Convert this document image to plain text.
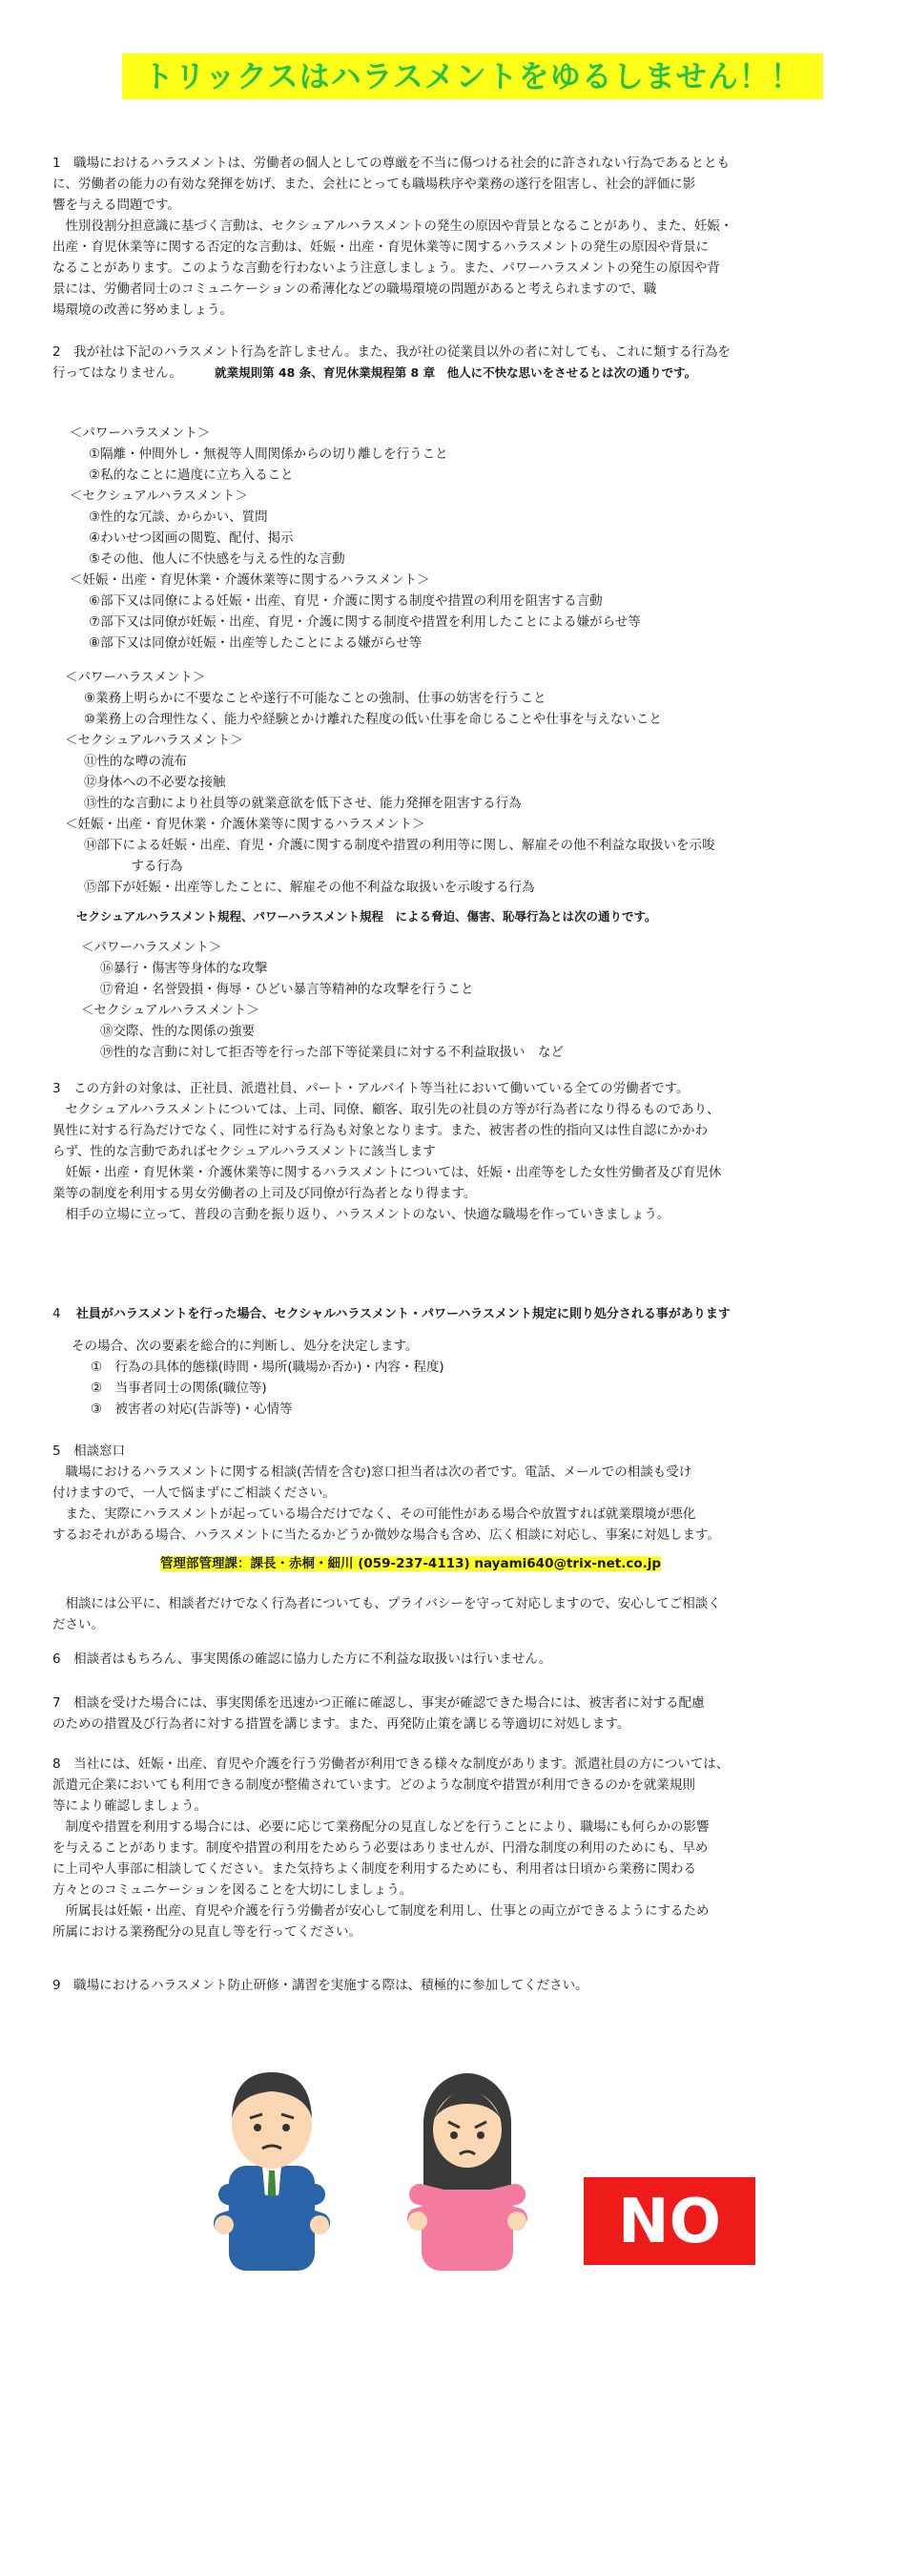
トリックスはハラスメントをゆるしません！！
1　職場におけるハラスメントは、労働者の個人としての尊厳を不当に傷つける社会的に許されない行為であるととも
に、労働者の能力の有効な発揮を妨げ、また、会社にとっても職場秩序や業務の遂行を阻害し、社会的評価に影
響を与える問題です。
　性別役割分担意識に基づく言動は、セクシュアルハラスメントの発生の原因や背景となることがあり、また、妊娠・
出産・育児休業等に関する否定的な言動は、妊娠・出産・育児休業等に関するハラスメントの発生の原因や背景に
なることがあります。このような言動を行わないよう注意しましょう。また、パワーハラスメントの発生の原因や背
景には、労働者同士のコミュニケーションの希薄化などの職場環境の問題があると考えられますので、職
場環境の改善に努めましょう。
2　我が社は下記のハラスメント行為を許しません。また、我が社の従業員以外の者に対しても、これに類する行為を
行ってはなりません。	就業規則第 48 条、育児休業規程第 8 章　他人に不快な思いをさせるとは次の通りです。
＜パワーハラスメント＞
①隔離・仲間外し・無視等人間関係からの切り離しを行うこと
②私的なことに過度に立ち入ること
＜セクシュアルハラスメント＞
③性的な冗談、からかい、質問
④わいせつ図画の閲覧、配付、掲示
⑤その他、他人に不快感を与える性的な言動
＜妊娠・出産・育児休業・介護休業等に関するハラスメント＞
⑥部下又は同僚による妊娠・出産、育児・介護に関する制度や措置の利用を阻害する言動
⑦部下又は同僚が妊娠・出産、育児・介護に関する制度や措置を利用したことによる嫌がらせ等
⑧部下又は同僚が妊娠・出産等したことによる嫌がらせ等
＜パワーハラスメント＞
⑨業務上明らかに不要なことや遂行不可能なことの強制、仕事の妨害を行うこと
⑩業務上の合理性なく、能力や経験とかけ離れた程度の低い仕事を命じることや仕事を与えないこと
＜セクシュアルハラスメント＞
⑪性的な噂の流布
⑫身体への不必要な接触
⑬性的な言動により社員等の就業意欲を低下させ、能力発揮を阻害する行為
＜妊娠・出産・育児休業・介護休業等に関するハラスメント＞
⑭部下による妊娠・出産、育児・介護に関する制度や措置の利用等に関し、解雇その他不利益な取扱いを示唆
　する行為
⑮部下が妊娠・出産等したことに、解雇その他不利益な取扱いを示唆する行為
セクシュアルハラスメント規程、パワーハラスメント規程　による脅迫、傷害、恥辱行為とは次の通りです。
＜パワーハラスメント＞
⑯暴行・傷害等身体的な攻撃
⑰脅迫・名誉毀損・侮辱・ひどい暴言等精神的な攻撃を行うこと
＜セクシュアルハラスメント＞
⑱交際、性的な関係の強要
⑲性的な言動に対して拒否等を行った部下等従業員に対する不利益取扱い　など
3　この方針の対象は、正社員、派遣社員、パート・アルバイト等当社において働いている全ての労働者です。
　セクシュアルハラスメントについては、上司、同僚、顧客、取引先の社員の方等が行為者になり得るものであり、
異性に対する行為だけでなく、同性に対する行為も対象となります。また、被害者の性的指向又は性自認にかかわ
らず、性的な言動であればセクシュアルハラスメントに該当します
　妊娠・出産・育児休業・介護休業等に関するハラスメントについては、妊娠・出産等をした女性労働者及び育児休
業等の制度を利用する男女労働者の上司及び同僚が行為者となり得ます。
　相手の立場に立って、普段の言動を振り返り、ハラスメントのない、快適な職場を作っていきましょう。
4 社員がハラスメントを行った場合、セクシャルハラスメント・パワーハラスメント規定に則り処分される事があります
その場合、次の要素を総合的に判断し、処分を決定します。
①　行為の具体的態様(時間・場所(職場か否か)・内容・程度)
②　当事者同士の関係(職位等)
③　被害者の対応(告訴等)・心情等
5　相談窓口
　職場におけるハラスメントに関する相談(苦情を含む)窓口担当者は次の者です。電話、メールでの相談も受け
付けますので、一人で悩まずにご相談ください。
　また、実際にハラスメントが起っている場合だけでなく、その可能性がある場合や放置すれば就業環境が悪化
するおそれがある場合、ハラスメントに当たるかどうか微妙な場合も含め、広く相談に対応し、事案に対処します。
管理部管理課：課長・赤桐・細川 (059-237-4113) nayami640@trix-net.co.jp
　相談には公平に、相談者だけでなく行為者についても、プライバシーを守って対応しますので、安心してご相談く
ださい。
6　相談者はもちろん、事実関係の確認に協力した方に不利益な取扱いは行いません。
7　相談を受けた場合には、事実関係を迅速かつ正確に確認し、事実が確認できた場合には、被害者に対する配慮
のための措置及び行為者に対する措置を講じます。また、再発防止策を講じる等適切に対処します。
8　当社には、妊娠・出産、育児や介護を行う労働者が利用できる様々な制度があります。派遣社員の方については、
派遣元企業においても利用できる制度が整備されています。どのような制度や措置が利用できるのかを就業規則
等により確認しましょう。
　制度や措置を利用する場合には、必要に応じて業務配分の見直しなどを行うことにより、職場にも何らかの影響
を与えることがあります。制度や措置の利用をためらう必要はありませんが、円滑な制度の利用のためにも、早め
に上司や人事部に相談してください。また気持ちよく制度を利用するためにも、利用者は日頃から業務に関わる
方々とのコミュニケーションを図ることを大切にしましょう。
　所属長は妊娠・出産、育児や介護を行う労働者が安心して制度を利用し、仕事との両立ができるようにするため
所属における業務配分の見直し等を行ってください。
9　職場におけるハラスメント防止研修・講習を実施する際は、積極的に参加してください。
NO
